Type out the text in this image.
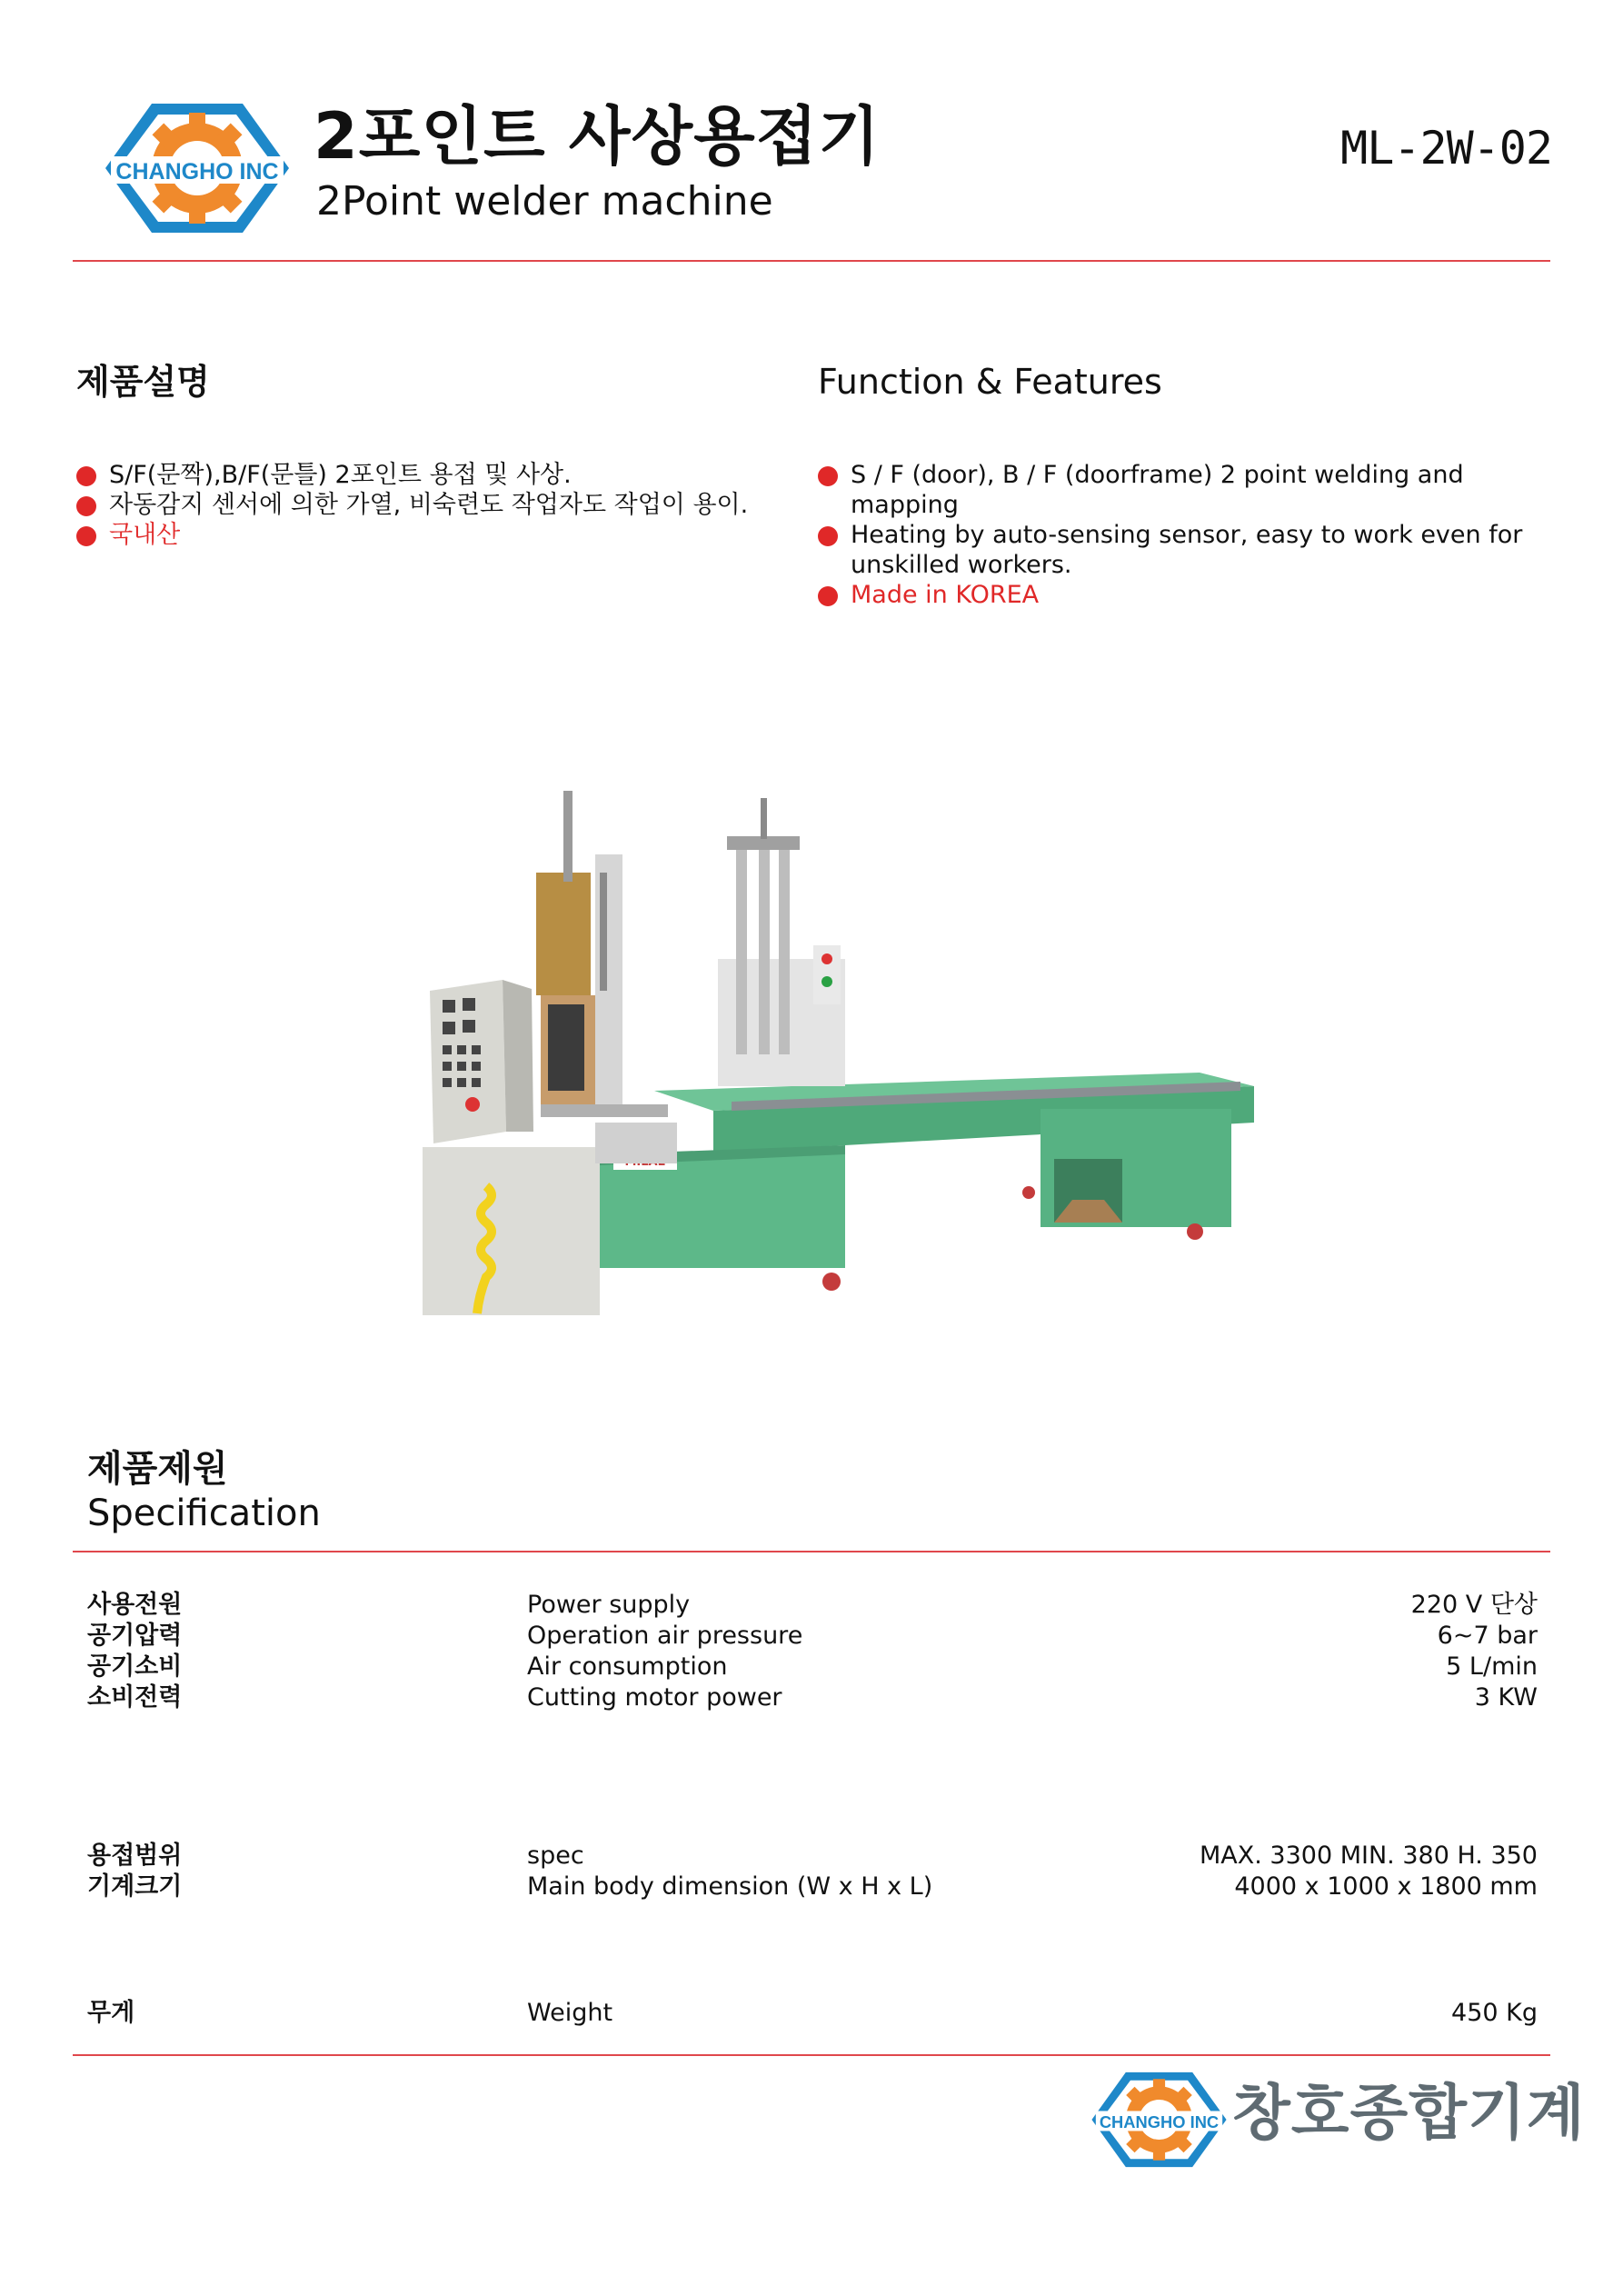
CHANGHO INC 2포인트 사상용접기
2Point welder machine
ML-2W-02
제품설명
S/F(문짝),B/F(문틀) 2포인트 용접 및 사상.
자동감지 센서에 의한 가열, 비숙련도 작업자도 작업이 용이.
국내산
Function & Features
S / F (door), B / F (doorframe) 2 point welding and mapping
Heating by auto-sensing sensor, easy to work even for unskilled workers.
Made in KOREA
제품제원
Specification
사용전원	Power supply	220 V 단상
공기압력	Operation air pressure	6~7 bar
공기소비	Air consumption	5 L/min
소비전력	Cutting motor power	3 KW
용접범위	spec	MAX. 3300 MIN. 380 H. 350
기계크기	Main body dimension (W x H x L)	4000 x 1000 x 1800 mm
무게	Weight	450 Kg
CHANGHO INC 창호종합기계
